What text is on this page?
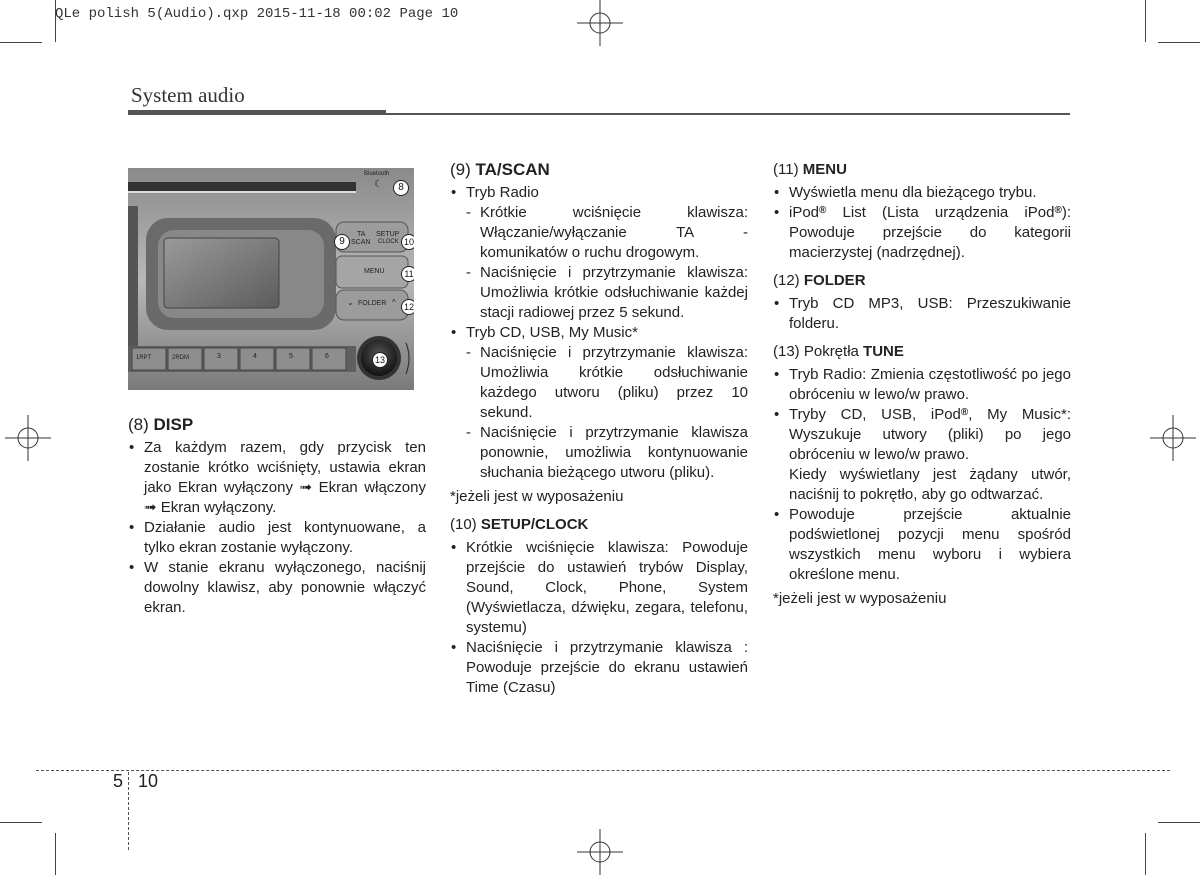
QLe polish 5(Audio).qxp 2015-11-18 00:02 Page 10
System audio
Bluetooth
☾
TA
SCAN
SETUP
CLOCK
MENU
⌄ FOLDER ^
1RPT	2RDM	3	4	5	6
8
9	10
11
12
13
(8) DISP
• Za każdym razem, gdy przycisk ten zostanie krótko wciśnięty, ustawia ekran jako Ekran wyłączony ➟ Ekran włączony ➟ Ekran wyłączony.
• Działanie audio jest kontynuowane, a tylko ekran zostanie wyłączony.
• W stanie ekranu wyłączonego, naciśnij dowolny klawisz, aby ponownie włączyć ekran.
(9) TA/SCAN
• Tryb Radio
- Krótkie wciśnięcie klawisza: Włączanie/wyłączanie TA - komunikatów o ruchu drogowym.
- Naciśnięcie i przytrzymanie klawisza: Umożliwia krótkie odsłuchiwanie każdej stacji radiowej przez 5 sekund.
• Tryb CD, USB, My Music*
- Naciśnięcie i przytrzymanie klawisza: Umożliwia krótkie odsłuchiwanie każdego utworu (pliku) przez 10 sekund.
- Naciśnięcie i przytrzymanie klawisza ponownie, umożliwia kontynuowanie słuchania bieżącego utworu (pliku).
*jeżeli jest w wyposażeniu
(10) SETUP/CLOCK
• Krótkie wciśnięcie klawisza: Powoduje przejście do ustawień trybów Display, Sound, Clock, Phone, System (Wyświetlacza, dźwięku, zegara, telefonu, systemu)
• Naciśnięcie i przytrzymanie klawisza : Powoduje przejście do ekranu ustawień Time (Czasu)
(11) MENU
• Wyświetla menu dla bieżącego trybu.
• iPod® List (Lista urządzenia iPod®): Powoduje przejście do kategorii macierzystej (nadrzędnej).
(12) FOLDER
• Tryb CD MP3, USB: Przeszukiwanie folderu.
(13) Pokrętła TUNE
• Tryb Radio: Zmienia częstotliwość po jego obróceniu w lewo/w prawo.
• Tryby CD, USB, iPod®, My Music*: Wyszukuje utwory (pliki) po jego obróceniu w lewo/w prawo.
Kiedy wyświetlany jest żądany utwór, naciśnij to pokrętło, aby go odtwarzać.
• Powoduje przejście aktualnie podświetlonej pozycji menu spośród wszystkich menu wyboru i wybiera określone menu.
*jeżeli jest w wyposażeniu
5 10
